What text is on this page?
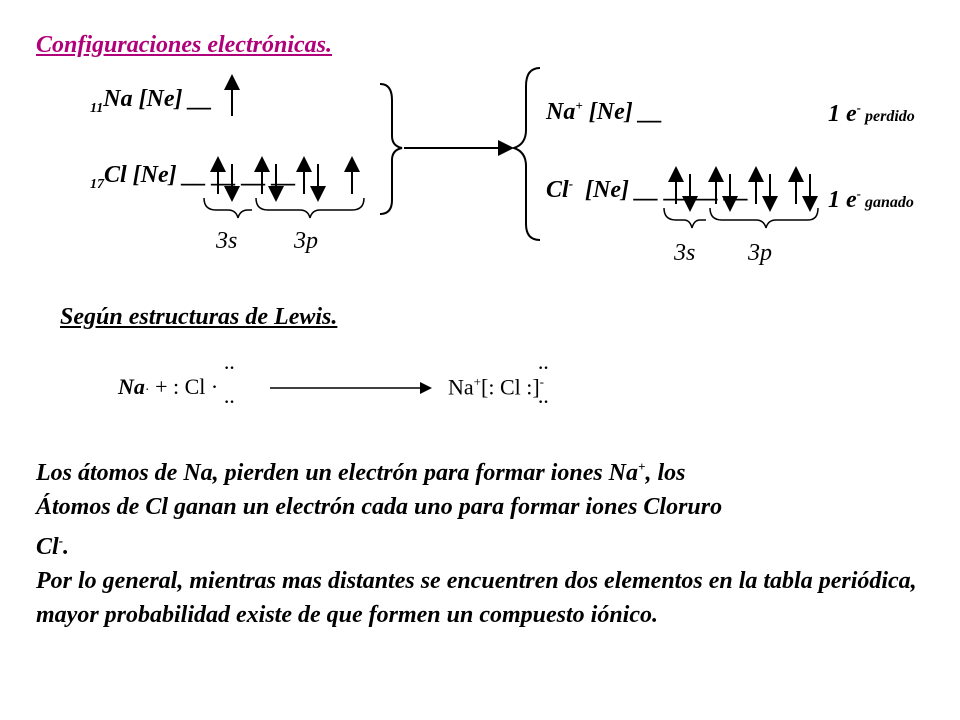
Configuraciones electrónicas.
$_{11}$Na [Ne] __
$_{17}$Cl [Ne] __ __ __ __
3s 3p
Na+ [Ne] __
Cl-  [Ne] __ __ __ __
3s 3p
1 e- perdido
1 e- ganado
Según estructuras de Lewis.
Na· + : Cl ·
··
··
Na+[: Cl :]-
··
··
Los átomos de Na, pierden un electrón para formar iones Na+, los
Átomos de Cl ganan un electrón cada uno para formar iones Cloruro
Cl-.
Por lo general, mientras mas distantes se encuentren dos elementos en la tabla periódica, mayor probabilidad existe de que formen un compuesto iónico.
